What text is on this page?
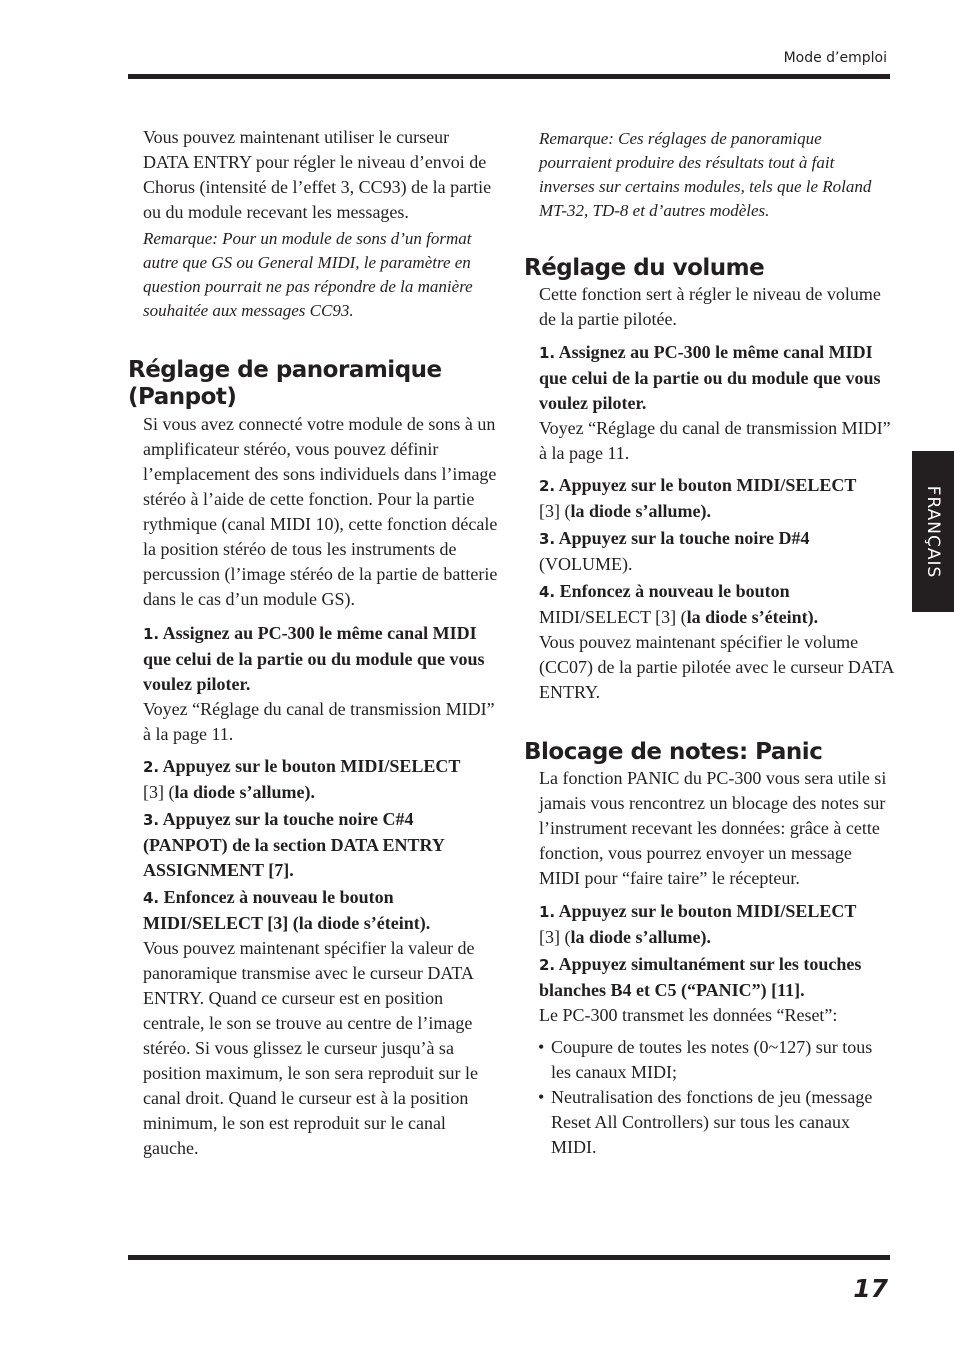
Mode d’emploi
FRANÇAIS

Vous pouvez maintenant utiliser le curseur DATA ENTRY pour régler le niveau d’envoi de Chorus (intensité de l’effet 3, CC93) de la partie ou du module recevant les messages.

Remarque: Pour un module de sons d’un format autre que GS ou General MIDI, le paramètre en question pourrait ne pas répondre de la manière souhaitée aux messages CC93.

Réglage de panoramique (Panpot)

Si vous avez connecté votre module de sons à un amplificateur stéréo, vous pouvez définir l’emplacement des sons individuels dans l’image stéréo à l’aide de cette fonction. Pour la partie rythmique (canal MIDI 10), cette fonction décale la position stéréo de tous les instruments de percussion (l’image stéréo de la partie de batterie dans le cas d’un module GS).

1. Assignez au PC-300 le même canal MIDI que celui de la partie ou du module que vous voulez piloter.

Voyez “Réglage du canal de transmission MIDI” à la page 11.

2. Appuyez sur le bouton MIDI/SELECT
[3] (la diode s’allume).
3. Appuyez sur la touche noire C#4 (PANPOT) de la section DATA ENTRY ASSIGNMENT [7].
4. Enfoncez à nouveau le bouton
MIDI/SELECT [3] (la diode s’éteint).

Vous pouvez maintenant spécifier la valeur de panoramique transmise avec le curseur DATA ENTRY. Quand ce curseur est en position centrale, le son se trouve au centre de l’image stéréo. Si vous glissez le curseur jusqu’à sa position maximum, le son sera reproduit sur le canal droit. Quand le curseur est à la position minimum, le son est reproduit sur le canal gauche.

Remarque: Ces réglages de panoramique pourraient produire des résultats tout à fait inverses sur certains modules, tels que le Roland MT-32, TD-8 et d’autres modèles.

Réglage du volume

Cette fonction sert à régler le niveau de volume de la partie pilotée.

1. Assignez au PC-300 le même canal MIDI que celui de la partie ou du module que vous voulez piloter.

Voyez “Réglage du canal de transmission MIDI” à la page 11.

2. Appuyez sur le bouton MIDI/SELECT
[3] (la diode s’allume).
3. Appuyez sur la touche noire D#4
(VOLUME).
4. Enfoncez à nouveau le bouton
MIDI/SELECT [3] (la diode s’éteint).

Vous pouvez maintenant spécifier le volume (CC07) de la partie pilotée avec le curseur DATA ENTRY.

Blocage de notes: Panic

La fonction PANIC du PC-300 vous sera utile si jamais vous rencontrez un blocage des notes sur l’instrument recevant les données: grâce à cette fonction, vous pourrez envoyer un message MIDI pour “faire taire” le récepteur.

1. Appuyez sur le bouton MIDI/SELECT
[3] (la diode s’allume).
2. Appuyez simultanément sur les touches blanches B4 et C5 (“PANIC”) [11].

Le PC-300 transmet les données “Reset”:

• Coupure de toutes les notes (0~127) sur tous les canaux MIDI;
• Neutralisation des fonctions de jeu (message Reset All Controllers) sur tous les canaux MIDI.
17
